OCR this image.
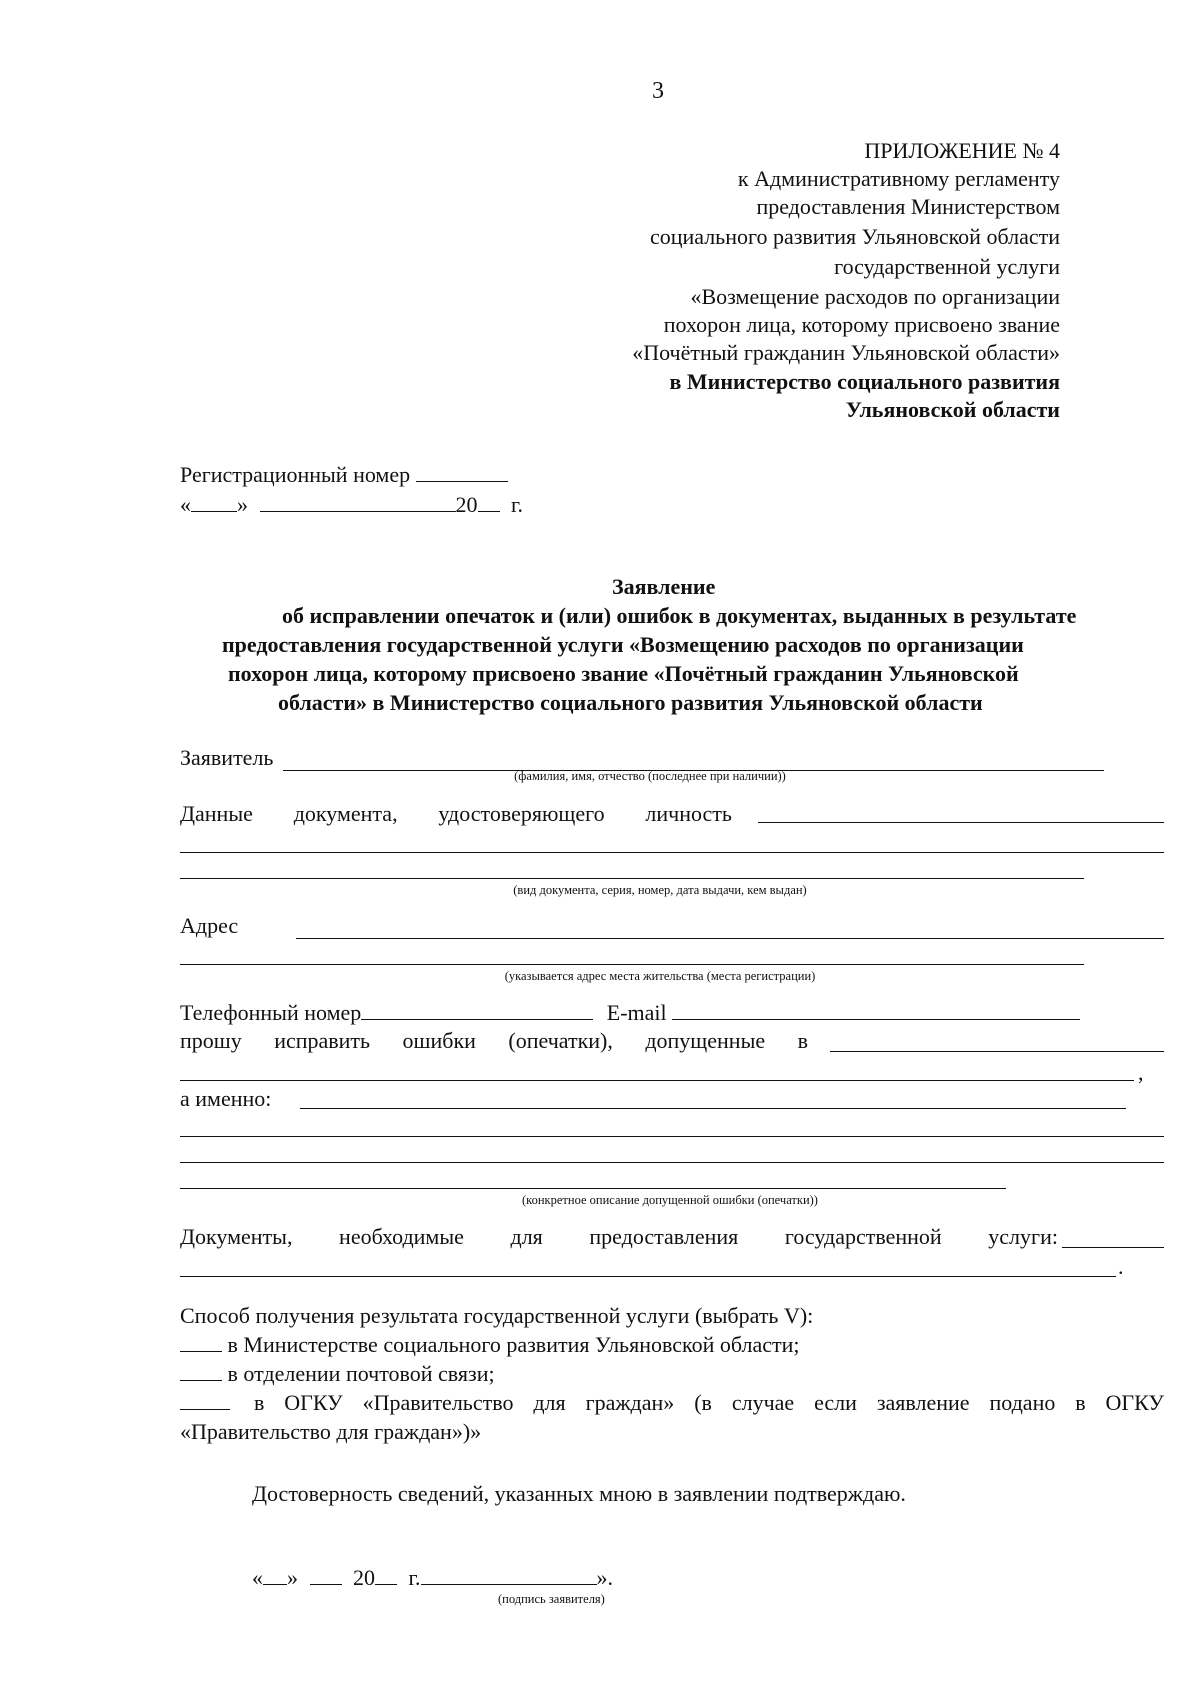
3
ПРИЛОЖЕНИЕ № 4
к Административному регламенту
предоставления Министерством
социального развития Ульяновской области
государственной услуги
«Возмещение расходов по организации
похорон лица, которому присвоено звание
«Почётный гражданин Ульяновской области»
в Министерство социального развития
Ульяновской области
Регистрационный номер
« »	20 г.
Заявление
об исправлении опечаток и (или) ошибок в документах, выданных в результате
предоставления государственной услуги «Возмещению расходов по организации
похорон лица, которому присвоено звание «Почётный гражданин Ульяновской
области» в Министерство социального развития Ульяновской области
Заявитель
(фамилия, имя, отчество (последнее при наличии))
Данные документа, удостоверяющего личность
(вид документа, серия, номер, дата выдачи, кем выдан)
Адрес
(указывается адрес места жительства (места регистрации)
Телефонный номер	E-mail
прошу исправить ошибки (опечатки), допущенные в
,
а именно:
(конкретное описание допущенной ошибки (опечатки))
Документы, необходимые для предоставления государственной услуги:
.
Способ получения результата государственной услуги (выбрать V):
в Министерстве социального развития Ульяновской области;
в отделении почтовой связи;
в ОГКУ «Правительство для граждан» (в случае если заявление подано в ОГКУ
«Правительство для граждан»)»
Достоверность сведений, указанных мною в заявлении подтверждаю.
« »	20 г.	».
(подпись заявителя)
